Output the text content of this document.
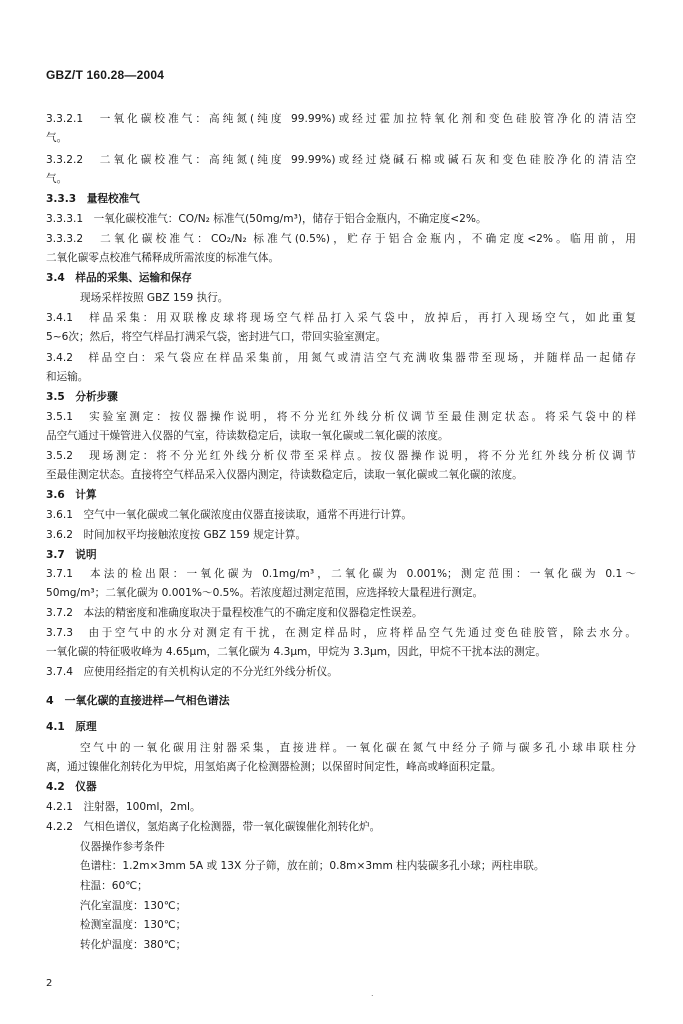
GBZ/T 160.28—2004
3.3.2.1　一氧化碳校准气：高纯氮(纯度 99.99%)或经过霍加拉特氧化剂和变色硅胶管净化的清洁空
气。
3.3.2.2　二氧化碳校准气：高纯氮(纯度 99.99%)或经过烧碱石棉或碱石灰和变色硅胶净化的清洁空
气。
3.3.3　量程校准气
3.3.3.1　一氧化碳校准气：CO/N₂ 标准气(50mg/m³)，储存于铝合金瓶内，不确定度<2%。
3.3.3.2　二氧化碳校准气：CO₂/N₂ 标准气(0.5%)，贮存于铝合金瓶内，不确定度<2%。临用前，用
二氧化碳零点校准气稀释成所需浓度的标准气体。
3.4　样品的采集、运输和保存
现场采样按照 GBZ 159 执行。
3.4.1　样品采集：用双联橡皮球将现场空气样品打入采气袋中，放掉后，再打入现场空气，如此重复
5~6次；然后，将空气样品打满采气袋，密封进气口，带回实验室测定。
3.4.2　样品空白：采气袋应在样品采集前，用氮气或清洁空气充满收集器带至现场，并随样品一起储存
和运输。
3.5　分析步骤
3.5.1　实验室测定：按仪器操作说明，将不分光红外线分析仪调节至最佳测定状态。将采气袋中的样
品空气通过干燥管进入仪器的气室，待读数稳定后，读取一氧化碳或二氧化碳的浓度。
3.5.2　现场测定：将不分光红外线分析仪带至采样点。按仪器操作说明，将不分光红外线分析仪调节
至最佳测定状态。直接将空气样品采入仪器内测定，待读数稳定后，读取一氧化碳或二氧化碳的浓度。
3.6　计算
3.6.1　空气中一氧化碳或二氧化碳浓度由仪器直接读取，通常不再进行计算。
3.6.2　时间加权平均接触浓度按 GBZ 159 规定计算。
3.7　说明
3.7.1　本法的检出限：一氧化碳为 0.1mg/m³，二氧化碳为 0.001%；测定范围：一氧化碳为 0.1～
50mg/m³；二氧化碳为 0.001%～0.5%。若浓度超过测定范围，应选择较大量程进行测定。
3.7.2　本法的精密度和准确度取决于量程校准气的不确定度和仪器稳定性误差。
3.7.3　由于空气中的水分对测定有干扰，在测定样品时，应将样品空气先通过变色硅胶管，除去水分。
一氧化碳的特征吸收峰为 4.65μm，二氧化碳为 4.3μm，甲烷为 3.3μm，因此，甲烷不干扰本法的测定。
3.7.4　应使用经指定的有关机构认定的不分光红外线分析仪。
4　一氧化碳的直接进样—气相色谱法
4.1　原理
空气中的一氧化碳用注射器采集，直接进样。一氧化碳在氮气中经分子筛与碳多孔小球串联柱分
离，通过镍催化剂转化为甲烷，用氢焰离子化检测器检测；以保留时间定性，峰高或峰面积定量。
4.2　仪器
4.2.1　注射器，100ml，2ml。
4.2.2　气相色谱仪，氢焰离子化检测器，带一氧化碳镍催化剂转化炉。
仪器操作参考条件
色谱柱：1.2m×3mm 5A 或 13X 分子筛，放在前；0.8m×3mm 柱内装碳多孔小球；两柱串联。
柱温：60℃；
汽化室温度：130℃；
检测室温度：130℃；
转化炉温度：380℃；
2
.
